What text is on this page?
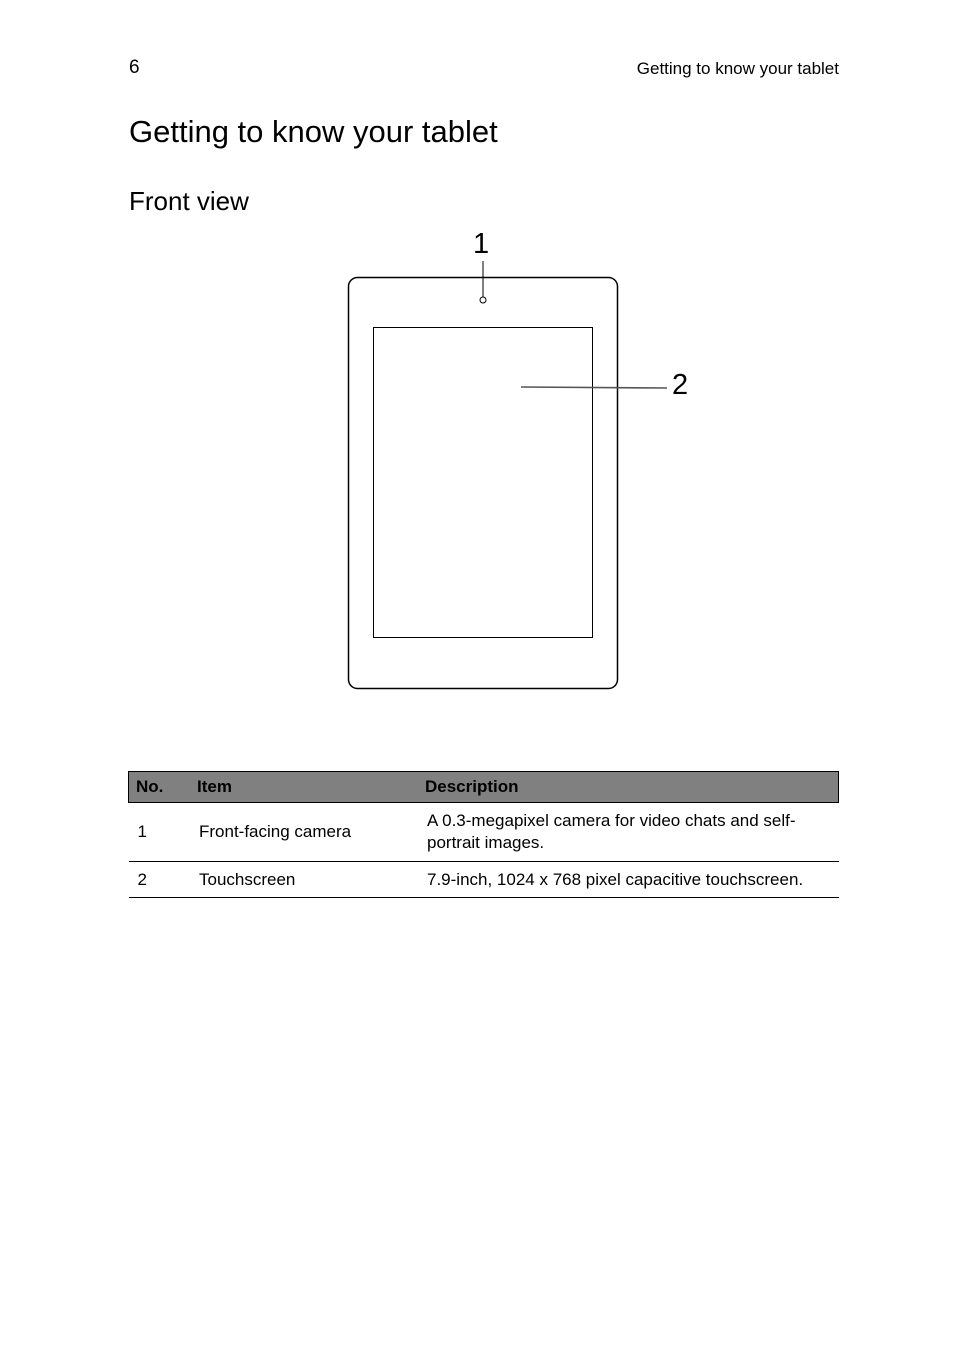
6	Getting to know your tablet
Getting to know your tablet
Front view
1
2
No.	Item	Description
1	Front-facing camera	A 0.3-megapixel camera for video chats and self-portrait images.
2	Touchscreen	7.9-inch, 1024 x 768 pixel capacitive touchscreen.
